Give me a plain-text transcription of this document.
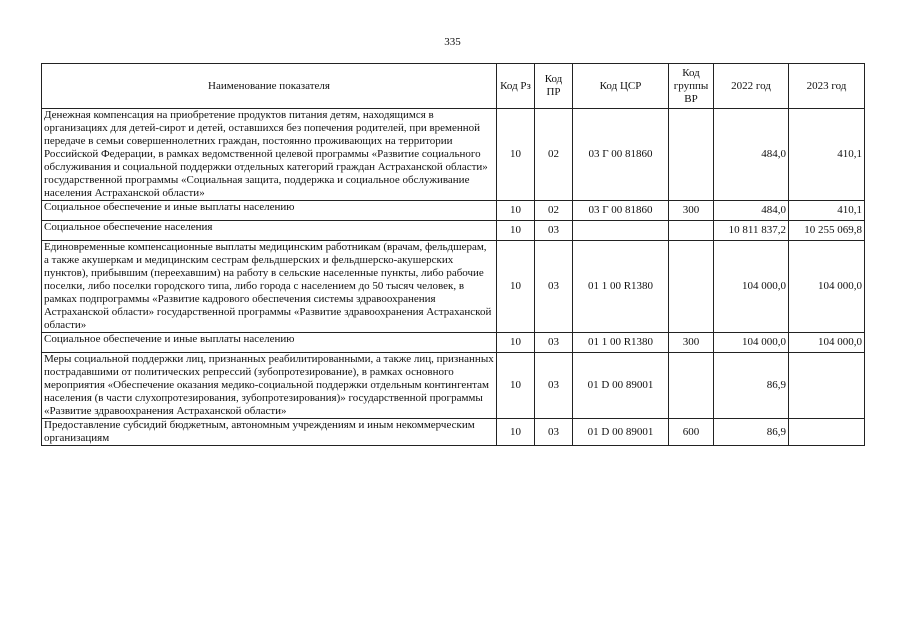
335
Наименование показателя	Код Рз	Код ПР	Код ЦСР	Код группы ВР	2022 год	2023 год
Денежная компенсация на приобретение продуктов питания детям, находящимся в организациях для детей-сирот и детей, оставшихся без попечения родителей, при временной передаче в семьи совершеннолетних граждан, постоянно проживающих на территории Российской Федерации, в рамках ведомственной целевой программы «Развитие социального обслуживания и социальной поддержки отдельных категорий граждан Астраханской области» государственной программы «Социальная защита, поддержка и социальное обслуживание населения Астраханской области»	10	02	03 Г 00 81860		484,0	410,1
Социальное обеспечение и иные выплаты населению	10	02	03 Г 00 81860	300	484,0	410,1
Социальное обеспечение населения	10	03			10 811 837,2	10 255 069,8
Единовременные компенсационные выплаты медицинским работникам (врачам, фельдшерам, а также акушеркам и медицинским сестрам фельдшерских и фельдшерско-акушерских пунктов), прибывшим (переехавшим) на работу в сельские населенные пункты, либо рабочие поселки, либо поселки городского типа, либо города с населением до 50 тысяч человек, в рамках подпрограммы «Развитие кадрового обеспечения системы здравоохранения Астраханской области» государственной программы «Развитие здравоохранения Астраханской области»	10	03	01 1 00 R1380		104 000,0	104 000,0
Социальное обеспечение и иные выплаты населению	10	03	01 1 00 R1380	300	104 000,0	104 000,0
Меры социальной поддержки лиц, признанных реабилитированными, а также лиц, признанных пострадавшими от политических репрессий (зубопротезирование), в рамках основного мероприятия «Обеспечение оказания медико-социальной поддержки отдельным контингентам населения (в части слухопротезирования, зубопротезирования)» государственной программы «Развитие здравоохранения Астраханской области»	10	03	01 D 00 89001		86,9	
Предоставление субсидий бюджетным, автономным учреждениям и иным некоммерческим организациям	10	03	01 D 00 89001	600	86,9	
